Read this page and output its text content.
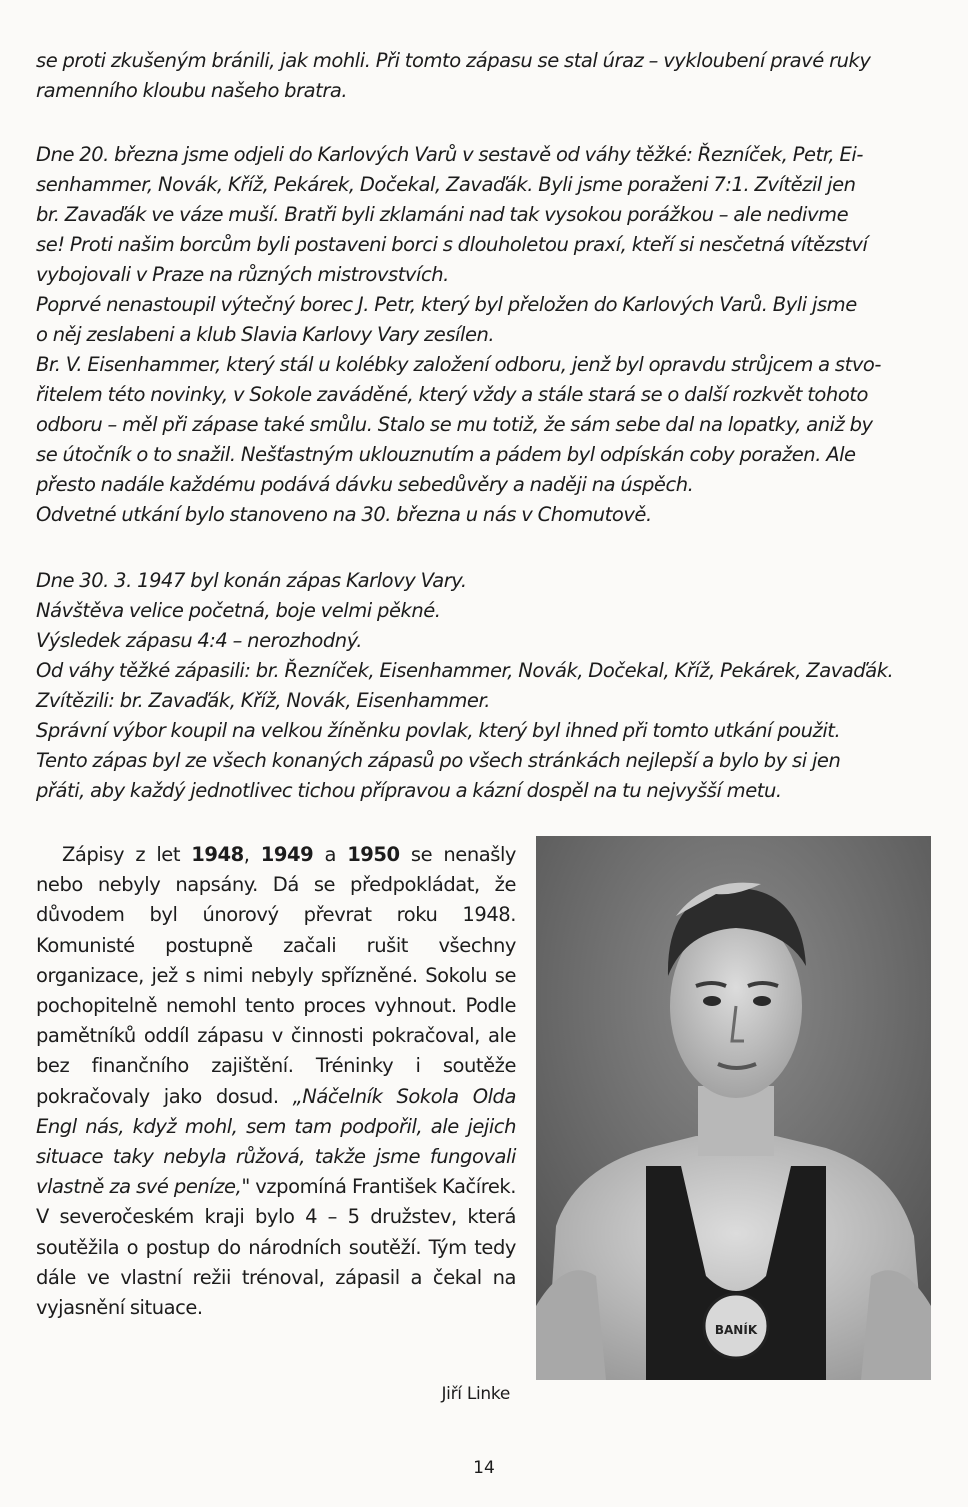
se proti zkušeným bránili, jak mohli. Při tomto zápasu se stal úraz – vykloubení pravé ruky

ramenního kloubu našeho bratra.

Dne 20. března jsme odjeli do Karlových Varů v sestavě od váhy těžké: Řezníček, Petr, Ei-

senhammer, Novák, Kříž, Pekárek, Dočekal, Zavaďák. Byli jsme poraženi 7:1. Zvítězil jen

br. Zavaďák ve váze muší. Bratři byli zklamáni nad tak vysokou porážkou – ale nedivme

se! Proti našim borcům byli postaveni borci s dlouholetou praxí, kteří si nesčetná vítězství

vybojovali v Praze na různých mistrovstvích.

Poprvé nenastoupil výtečný borec J. Petr, který byl přeložen do Karlových Varů. Byli jsme

o něj zeslabeni a klub Slavia Karlovy Vary zesílen.

Br. V. Eisenhammer, který stál u kolébky založení odboru, jenž byl opravdu strůjcem a stvo-

řitelem této novinky, v Sokole zaváděné, který vždy a stále stará se o další rozkvět tohoto

odboru – měl při zápase také smůlu. Stalo se mu totiž, že sám sebe dal na lopatky, aniž by

se útočník o to snažil. Nešťastným uklouznutím a pádem byl odpískán coby poražen. Ale

přesto nadále každému podává dávku sebedůvěry a naději na úspěch.

Odvetné utkání bylo stanoveno na 30. března u nás v Chomutově.

Dne 30. 3. 1947 byl konán zápas Karlovy Vary.

Návštěva velice početná, boje velmi pěkné.

Výsledek zápasu 4:4 – nerozhodný.

Od váhy těžké zápasili: br. Řezníček, Eisenhammer, Novák, Dočekal, Kříž, Pekárek, Zavaďák.

Zvítězili: br. Zavaďák, Kříž, Novák, Eisenhammer.

Správní výbor koupil na velkou žíněnku povlak, který byl ihned při tomto utkání použit.

Tento zápas byl ze všech konaných zápasů po všech stránkách nejlepší a bylo by si jen

přáti, aby každý jednotlivec tichou přípravou a kázní dospěl na tu nejvyšší metu.

Zápisy z let 1948, 1949 a 1950 se nenašly nebo nebyly napsány. Dá se předpokládat, že důvodem byl únorový převrat roku 1948. Komunisté postupně začali rušit všechny organizace, jež s nimi nebyly spřízněné. Sokolu se pochopitelně nemohl tento proces vyhnout. Podle pamětníků oddíl zápasu v činnosti pokračoval, ale bez finančního zajištění. Tréninky i soutěže pokračovaly jako dosud. „Náčelník Sokola Olda Engl nás, když mohl, sem tam podpořil, ale jejich situace taky nebyla růžová, takže jsme fungovali vlastně za své peníze," vzpomíná František Kačírek. V severočeském kraji bylo 4 – 5 družstev, která soutěžila o postup do národních soutěží. Tým tedy dále ve vlastní režii trénoval, zápasil a čekal na vyjasnění situace.

BANÍK
Jiří Linke
14
